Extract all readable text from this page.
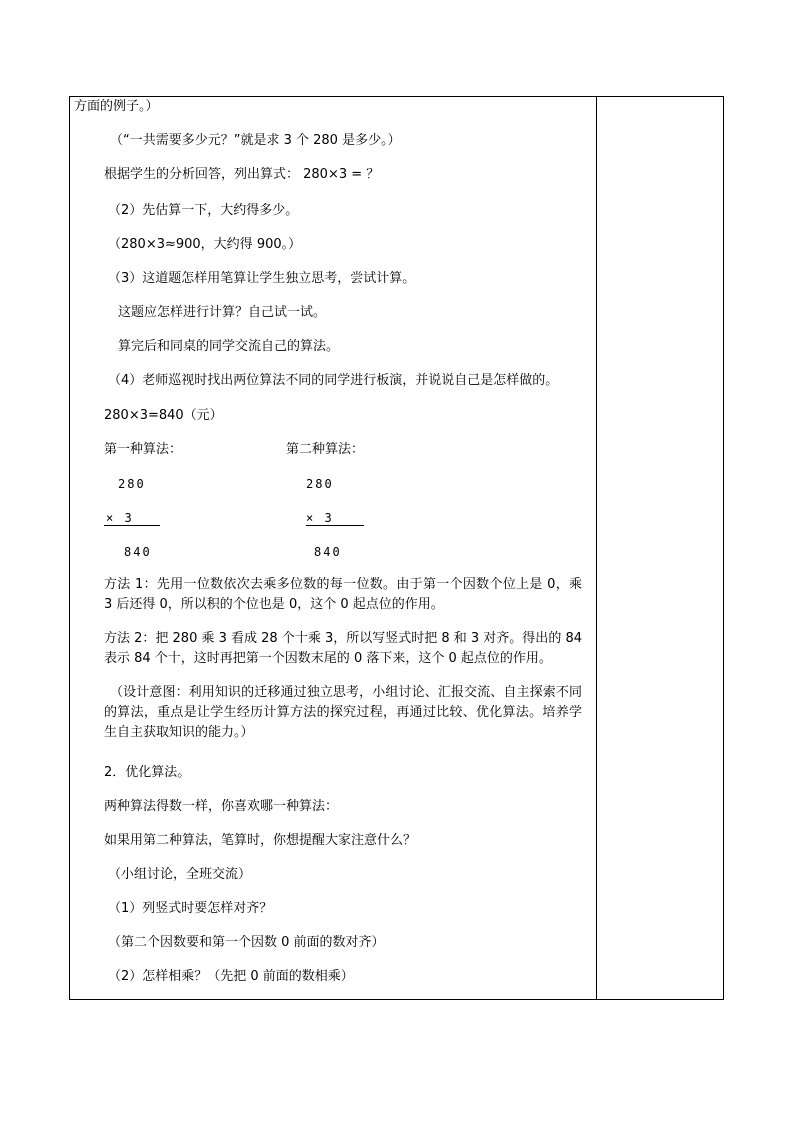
方面的例子。）
（“一共需要多少元？”就是求 3 个 280 是多少。）
根据学生的分析回答，列出算式： 280×3 = ？
（2）先估算一下，大约得多少。
（280×3≈900，大约得 900。）
（3）这道题怎样用笔算让学生独立思考，尝试计算。
这题应怎样进行计算？自己试一试。
算完后和同桌的同学交流自己的算法。
（4）老师巡视时找出两位算法不同的同学进行板演，并说说自己是怎样做的。
280×3=840（元）
第一种算法：	第二种算法：
280	280
× 3	× 3
840	840
方法 1：先用一位数依次去乘多位数的每一位数。由于第一个因数个位上是 0，乘 3 后还得 0，所以积的个位也是 0，这个 0 起点位的作用。
方法 2：把 280 乘 3 看成 28 个十乘 3，所以写竖式时把 8 和 3 对齐。得出的 84 表示 84 个十，这时再把第一个因数末尾的 0 落下来，这个 0 起点位的作用。
（设计意图：利用知识的迁移通过独立思考，小组讨论、汇报交流、自主探索不同的算法，重点是让学生经历计算方法的探究过程，再通过比较、优化算法。培养学生自主获取知识的能力。）
2．优化算法。
两种算法得数一样，你喜欢哪一种算法：
如果用第二种算法，笔算时，你想提醒大家注意什么？
（小组讨论，全班交流）
（1）列竖式时要怎样对齐？
（第二个因数要和第一个因数 0 前面的数对齐）
（2）怎样相乘？（先把 0 前面的数相乘）
